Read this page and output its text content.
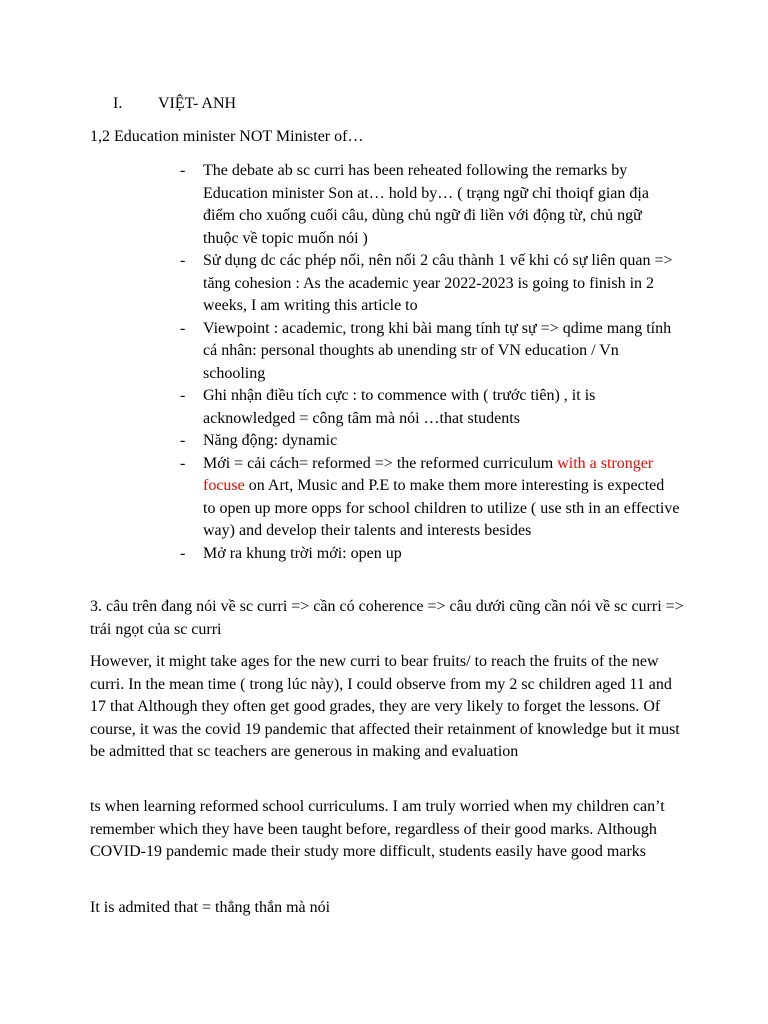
I. VIỆT- ANH

1,2 Education minister NOT Minister of…

- The debate ab sc curri has been reheated following the remarks by Education minister Son at… hold by… ( trạng ngữ chỉ thoiqf gian địa điểm cho xuống cuối câu, dùng chủ ngữ đi liền với động từ, chủ ngữ thuộc về topic muốn nói )
- Sử dụng dc các phép nối, nên nối 2 câu thành 1 vế khi có sự liên quan => tăng cohesion : As the academic year 2022-2023 is going to finish in 2 weeks, I am writing this article to
- Viewpoint : academic, trong khi bài mang tính tự sự => qdime mang tính cá nhân: personal thoughts ab unending str of VN education / Vn schooling
- Ghi nhận điều tích cực : to commence with ( trước tiên) , it is acknowledged = công tâm mà nói …that students
- Năng động: dynamic
- Mới = cải cách= reformed => the reformed curriculum with a stronger focuse on Art, Music and P.E to make them more interesting is expected to open up more opps for school children to utilize ( use sth in an effective way) and develop their talents and interests besides
- Mở ra khung trời mới: open up

3. câu trên đang nói về sc curri => cần có coherence => câu dưới cũng cần nói về sc curri => trái ngọt của sc curri

However, it might take ages for the new curri to bear fruits/ to reach the fruits of the new curri. In the mean time ( trong lúc này), I could observe from my 2 sc children aged 11 and 17 that Although they often get good grades, they are very likely to forget the lessons. Of course, it was the covid 19 pandemic that affected their retainment of knowledge but it must be admitted that sc teachers are generous in making and evaluation

ts when learning reformed school curriculums. I am truly worried when my children can’t remember which they have been taught before, regardless of their good marks. Although COVID-19 pandemic made their study more difficult, students easily have good marks

It is admited that = thẳng thắn mà nói
